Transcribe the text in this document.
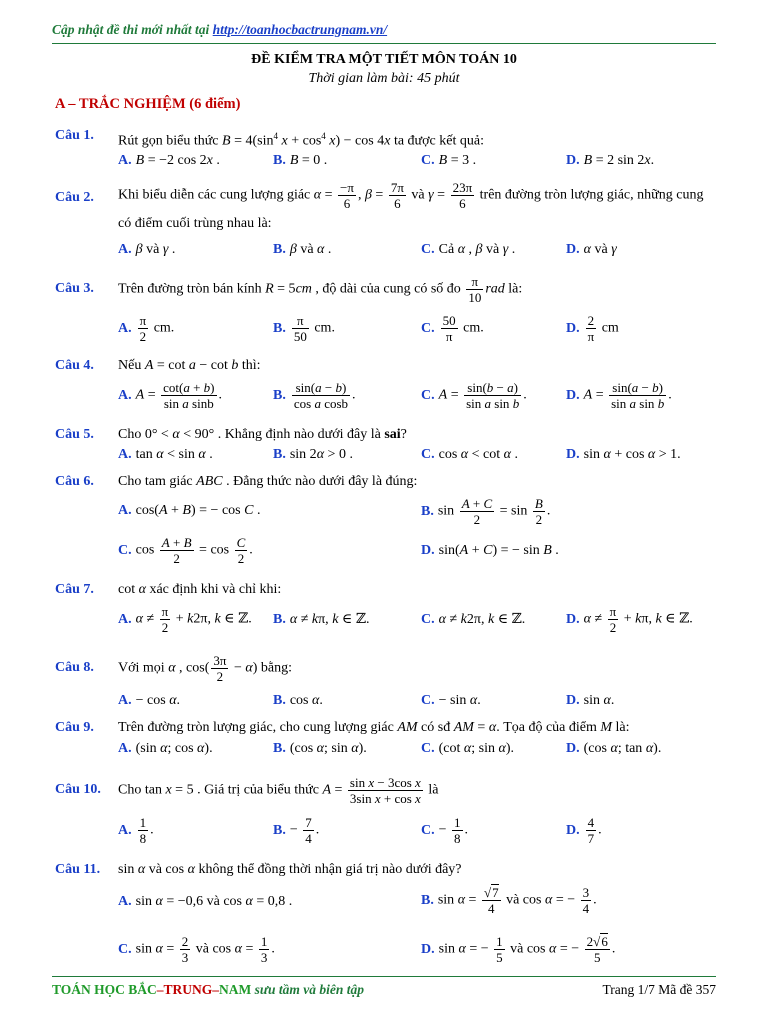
Cập nhật đề thi mới nhất tại http://toanhocbactrungnam.vn/
ĐỀ KIỂM TRA MỘT TIẾT MÔN TOÁN 10
Thời gian làm bài: 45 phút
A – TRẮC NGHIỆM (6 điểm)
Câu 1. Rút gọn biểu thức $B = 4(\sin^4$ $x + \cos^4 x) - \cos 4x$ ta được kết quả:
A. B = −2 cos 2x .	B. B = 0 .	C. B = 3 .	D. B = 2 sin 2x.
Câu 2. Khi biểu diễn các cung lượng giác $\alpha = \frac{-\pi}{6}$ , $\beta = \frac{7\pi}{6}$ và $\gamma = \frac{23\pi}{6}$ trên đường tròn lượng giác, những cung có điểm cuối trùng nhau là:
A. β và γ .	B. β và α .	C. Cả α , β và γ .	D. α và γ
Câu 3. Trên đường tròn bán kính R = 5cm , độ dài của cung có số đo $\frac{\pi}{10}$ rad là:
A. $\frac{\pi}{2}$ cm.	B. $\frac{\pi}{50}$ cm.	C. $\frac{50}{\pi}$ cm.	D. $\frac{2}{\pi}$ cm
Câu 4. Nếu A = cot a − cot b thì:
A. $A = \frac{\cot(a + b)}{\text{sin a sinb}}$ .	B. $\frac{\sin(a - b)}{\text{cos a cosb}}$ .	C. $A = \frac{\sin(b - a)}{\text{sin a sin b}}$ .	D. $A = \frac{\sin(a - b)}{\text{sin a sin b}}$ .
Câu 5. Cho 0° < α < 90° . Khẳng định nào dưới đây là sai?
A. tan α < sin α .	B. sin 2α > 0 .	C. cos α < cot α .	D. sin α + cos α > 1.
Câu 6. Cho tam giác ABC . Đẳng thức nào dưới đây là đúng:
A. cos(A + B) = − cos C .	B. $\sin \frac{A + C}{2} = \sin \frac{B}{2}$ .
C. $\cos \frac{A + B}{2} = \cos \frac{C}{2}$ .	D. sin(A + C) = − sin B .
Câu 7. cot α xác định khi và chỉ khi:
A. $\alpha \ne \frac{\pi}{2} + k2\pi$, k ∈ ℤ. B. α ≠ kπ, k ∈ ℤ.	C. α ≠ k2π, k ∈ ℤ.	D. $\alpha \ne \frac{\pi}{2} + k\pi$, k ∈ ℤ.
Câu 8. Với mọi α , $\cos( \frac{3\pi}{2} - \alpha)$ bằng:
A. − cos α.	B. cos α.	C. − sin α.	D. sin α.
Câu 9. Trên đường tròn lượng giác, cho cung lượng giác AM có sđ AM = α. Tọa độ của điểm M là:
A. (sin α; cos α).	B. (cos α; sin α).	C. (cot α; sin α).	D. (cos α; tan α).
Câu 10. Cho tan x = 5 . Giá trị của biểu thức $A = \frac{\text{sin x − 3cos x}}{\text{3sin x + cos x}}$ là
A. $\frac{1}{8}$ .	B. − $\frac{7}{4}$ .	C. − $\frac{1}{8}$ .	D. $\frac{4}{7}$ .
Câu 11. sin α và cos α không thể đồng thời nhận giá trị nào dưới đây?
A. sin α = −0,6 và cos α = 0,8 .	B. $\sin \alpha = \frac{√7}{4}$ và cos α = − $\frac{3}{4}$ .
C. $\sin \alpha = \frac{2}{3}$ và $\cos \alpha = \frac{1}{3}$ .	D. sin α = − $\frac{1}{5}$ và cos α = − $\frac{2√6}{5}$ .
TOÁN HỌC BẮC–TRUNG–NAM sưu tầm và biên tập	Trang 1/7 Mã đề 357
